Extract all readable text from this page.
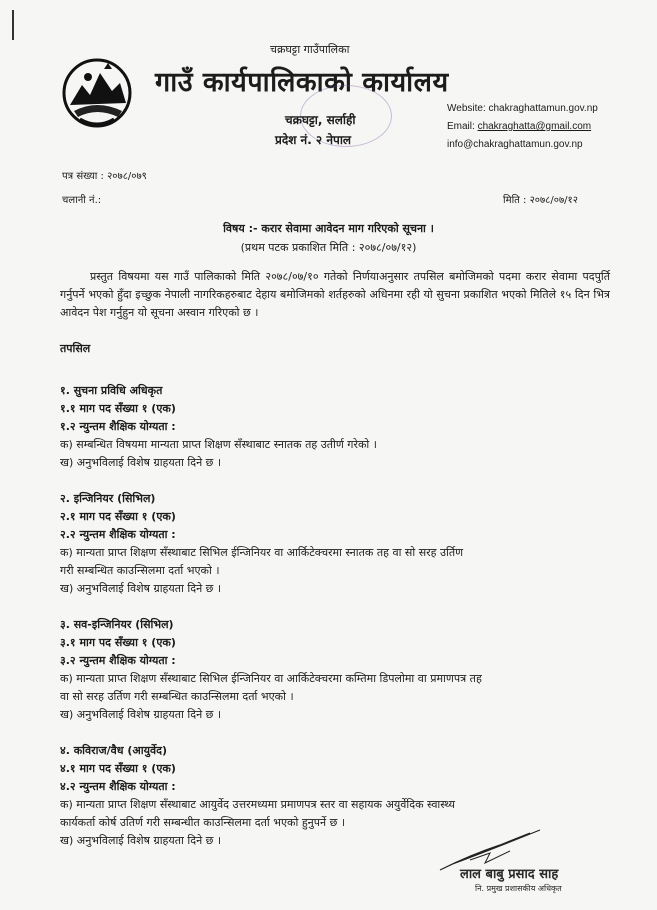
चक्रघट्टा गाउँपालिका
गाउँ कार्यपालिकाको कार्यालय
चक्रघट्टा, सर्लाही
प्रदेश नं. २ नेपाल
Website: chakraghattamun.gov.np
Email: chakraghatta@gmail.com
info@chakraghattamun.gov.np
पत्र संख्या : २०७८/०७९
चलानी नं.:	मिति : २०७८/०७/१२
विषय :- करार सेवामा आवेदन माग गरिएको सूचना ।
(प्रथम पटक प्रकाशित मिति : २०७८/०७/१२)
प्रस्तुत विषयमा यस गाउँ पालिकाको मिति २०७८/०७/१० गतेको निर्णयाअनुसार तपसिल बमोजिमको पदमा करार सेवामा पदपुर्ति गर्नुपर्ने भएको हुँदा इच्छुक नेपाली नागरिकहरुबाट देहाय बमोजिमको शर्तहरुको अधिनमा रही यो सुचना प्रकाशित भएको मितिले १५ दिन भित्र आवेदन पेश गर्नुहुन यो सूचना अस्वान गरिएको छ ।
तपसिल
१. सुचना प्रविधि अधिकृत
१.१ माग पद सँख्या १ (एक)
१.२ न्युन्तम शैक्षिक योग्यता :
क) सम्बन्धित विषयमा मान्यता प्राप्त शिक्षण सँस्थाबाट स्नातक तह उतीर्ण गरेको ।
ख) अनुभविलाई विशेष ग्राहयता दिने छ ।
२. इन्जिनियर (सिभिल)
२.१ माग पद सँख्या १ (एक)
२.२ न्युन्तम शैक्षिक योग्यता :
क) मान्यता प्राप्त शिक्षण सँस्थाबाट सिभिल ईन्जिनियर वा आर्किटेक्चरमा स्नातक तह वा सो सरह उर्तिण
गरी सम्बन्धित काउन्सिलमा दर्ता भएको ।
ख) अनुभविलाई विशेष ग्राहयता दिने छ ।
३. सव-इन्जिनियर (सिभिल)
३.१ माग पद सँख्या १ (एक)
३.२ न्युन्तम शैक्षिक योग्यता :
क) मान्यता प्राप्त शिक्षण सँस्थाबाट सिभिल ईन्जिनियर वा आर्किटेक्चरमा कम्तिमा डिपलोमा वा प्रमाणपत्र तह
वा सो सरह उर्तिण गरी सम्बन्धित काउन्सिलमा दर्ता भएको ।
ख) अनुभविलाई विशेष ग्राहयता दिने छ ।
४. कविराज/वैध (आयुर्वेद)
४.१ माग पद सँख्या १ (एक)
४.२ न्युन्तम शैक्षिक योग्यता :
क) मान्यता प्राप्त शिक्षण सँस्थाबाट आयुर्वेद उत्तरमध्यमा प्रमाणपत्र स्तर वा सहायक अयुर्वेदिक स्वास्थ्य
कार्यकर्ता कोर्ष उतिर्ण गरी सम्बन्धीत काउन्सिलमा दर्ता भएको हुनुपर्ने छ ।
ख) अनुभविलाई विशेष ग्राहयता दिने छ ।
लाल बाबु प्रसाद साह
नि. प्रमुख प्रशासकीय अधिकृत
